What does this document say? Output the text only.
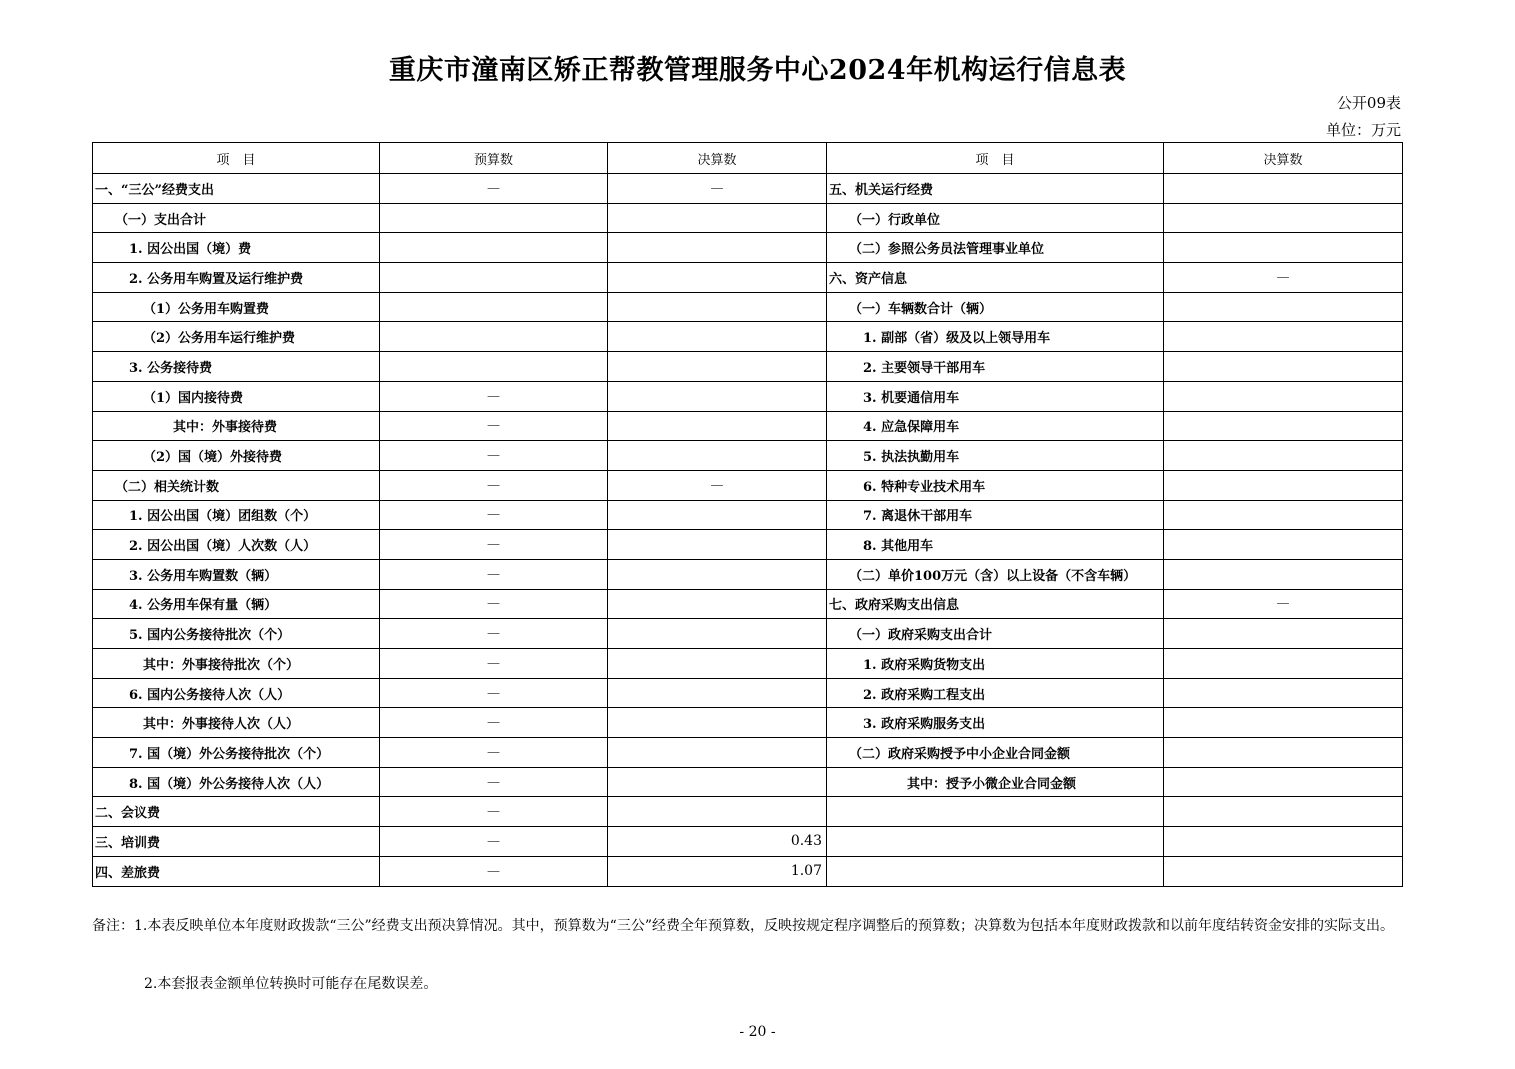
重庆市潼南区矫正帮教管理服务中心2024年机构运行信息表
公开09表
单位：万元
项　目	预算数	决算数	项　目	决算数
一、“三公”经费支出	—	—	五、机关运行经费	
（一）支出合计			（一）行政单位	
1. 因公出国（境）费			（二）参照公务员法管理事业单位	
2. 公务用车购置及运行维护费			六、资产信息	—
（1）公务用车购置费			（一）车辆数合计（辆）	
（2）公务用车运行维护费			1. 副部（省）级及以上领导用车	
3. 公务接待费			2. 主要领导干部用车	
（1）国内接待费	—		3. 机要通信用车	
其中：外事接待费	—		4. 应急保障用车	
（2）国（境）外接待费	—		5. 执法执勤用车	
（二）相关统计数	—	—	6. 特种专业技术用车	
1. 因公出国（境）团组数（个）	—		7. 离退休干部用车	
2. 因公出国（境）人次数（人）	—		8. 其他用车	
3. 公务用车购置数（辆）	—		（二）单价100万元（含）以上设备（不含车辆）	
4. 公务用车保有量（辆）	—		七、政府采购支出信息	—
5. 国内公务接待批次（个）	—		（一）政府采购支出合计	
其中：外事接待批次（个）	—		1. 政府采购货物支出	
6. 国内公务接待人次（人）	—		2. 政府采购工程支出	
其中：外事接待人次（人）	—		3. 政府采购服务支出	
7. 国（境）外公务接待批次（个）	—		（二）政府采购授予中小企业合同金额	
8. 国（境）外公务接待人次（人）	—		其中：授予小微企业合同金额	
二、会议费	—			
三、培训费	—	0.43		
四、差旅费	—	1.07		
备注：1.本表反映单位本年度财政拨款“三公”经费支出预决算情况。其中，预算数为“三公”经费全年预算数，反映按规定程序调整后的预算数；决算数为包括本年度财政拨款和以前年度结转资金安排的实际支出。
2.本套报表金额单位转换时可能存在尾数误差。
- 20 -
